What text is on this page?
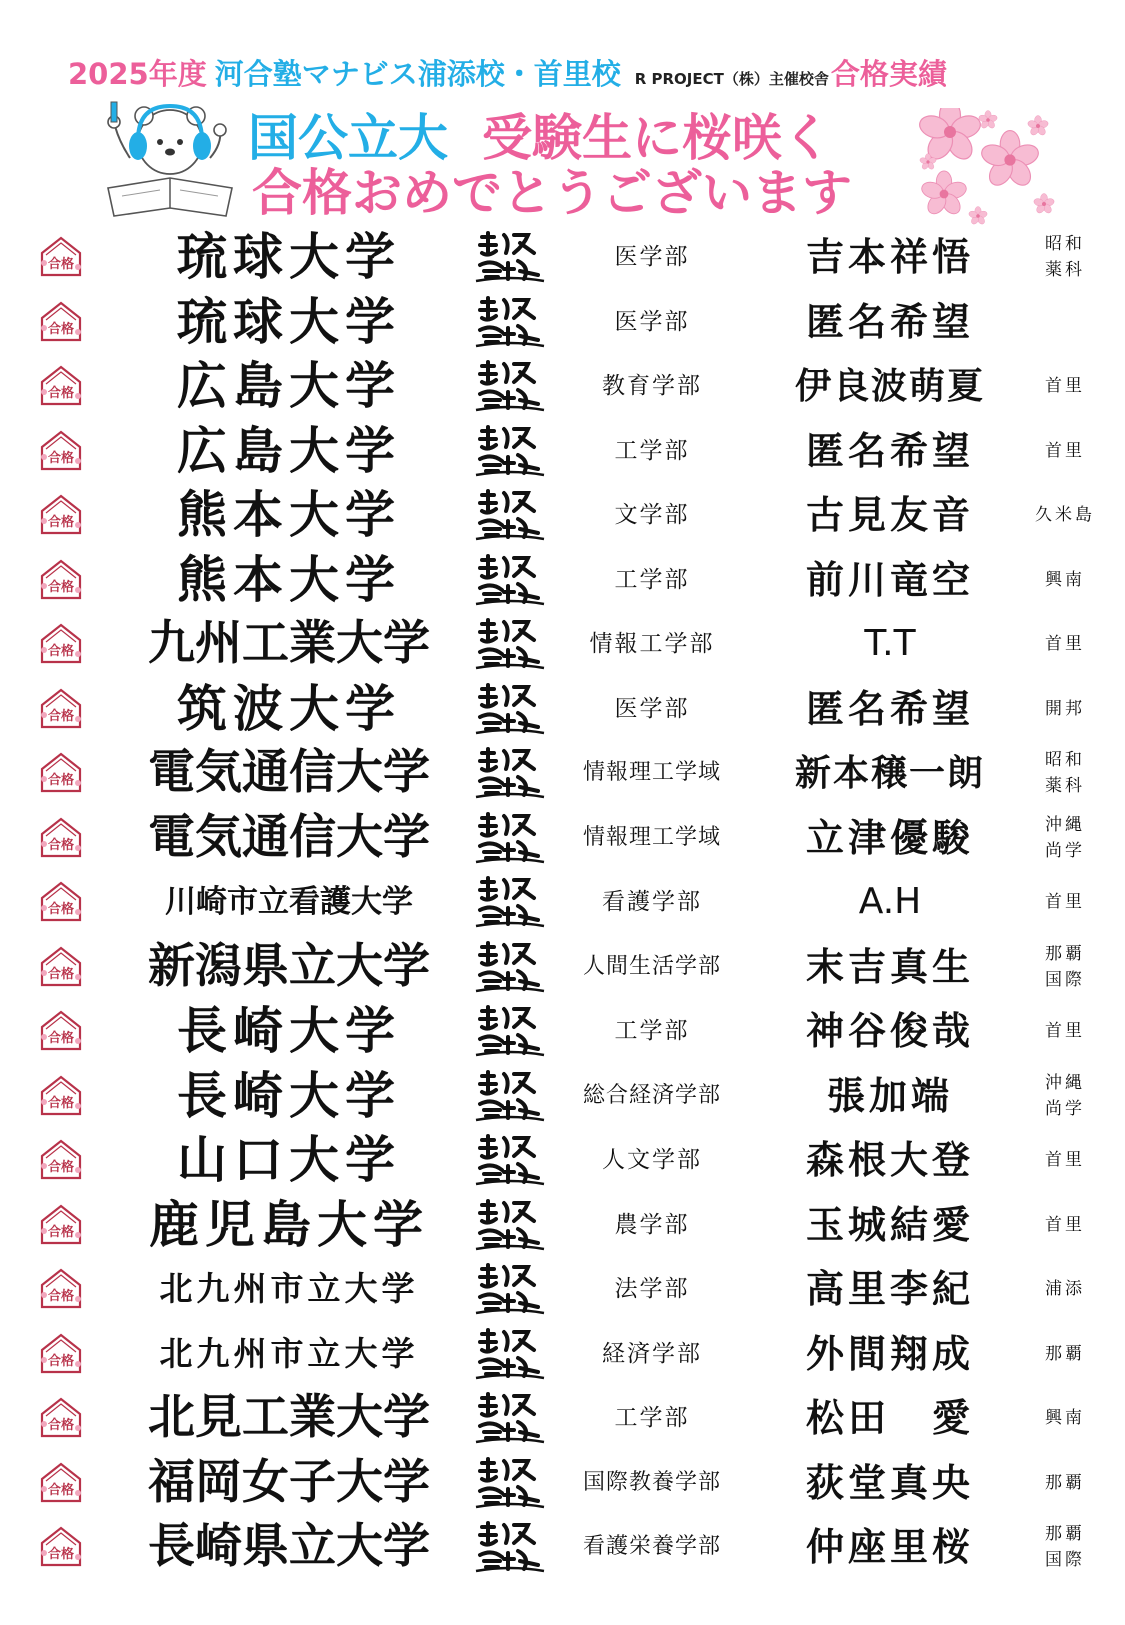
2025年度 河合塾マナビス浦添校・首里校 R PROJECT（株）主催校舎合格実績
国公立大 受験生に桜咲く
合格おめでとうございます
合格	琉球大学	医学部	吉本祥悟	昭和
薬科
合格	琉球大学	医学部	匿名希望
合格	広島大学	教育学部	伊良波萌夏	首里
合格	広島大学	工学部	匿名希望	首里
合格	熊本大学	文学部	古見友音	久米島
合格	熊本大学	工学部	前川竜空	興南
合格	九州工業大学	情報工学部	T.T	首里
合格	筑波大学	医学部	匿名希望	開邦
合格	電気通信大学	情報理工学域	新本穣一朗	昭和
薬科
合格	電気通信大学	情報理工学域	立津優駿	沖縄
尚学
合格	川崎市立看護大学	看護学部	A.H	首里
合格	新潟県立大学	人間生活学部	末吉真生	那覇
国際
合格	長崎大学	工学部	神谷俊哉	首里
合格	長崎大学	総合経済学部	張加端	沖縄
尚学
合格	山口大学	人文学部	森根大登	首里
合格	鹿児島大学	農学部	玉城結愛	首里
合格	北九州市立大学	法学部	高里李紀	浦添
合格	北九州市立大学	経済学部	外間翔成	那覇
合格	北見工業大学	工学部	松田　愛	興南
合格	福岡女子大学	国際教養学部	荻堂真央	那覇
合格	長崎県立大学	看護栄養学部	仲座里桜	那覇
国際
